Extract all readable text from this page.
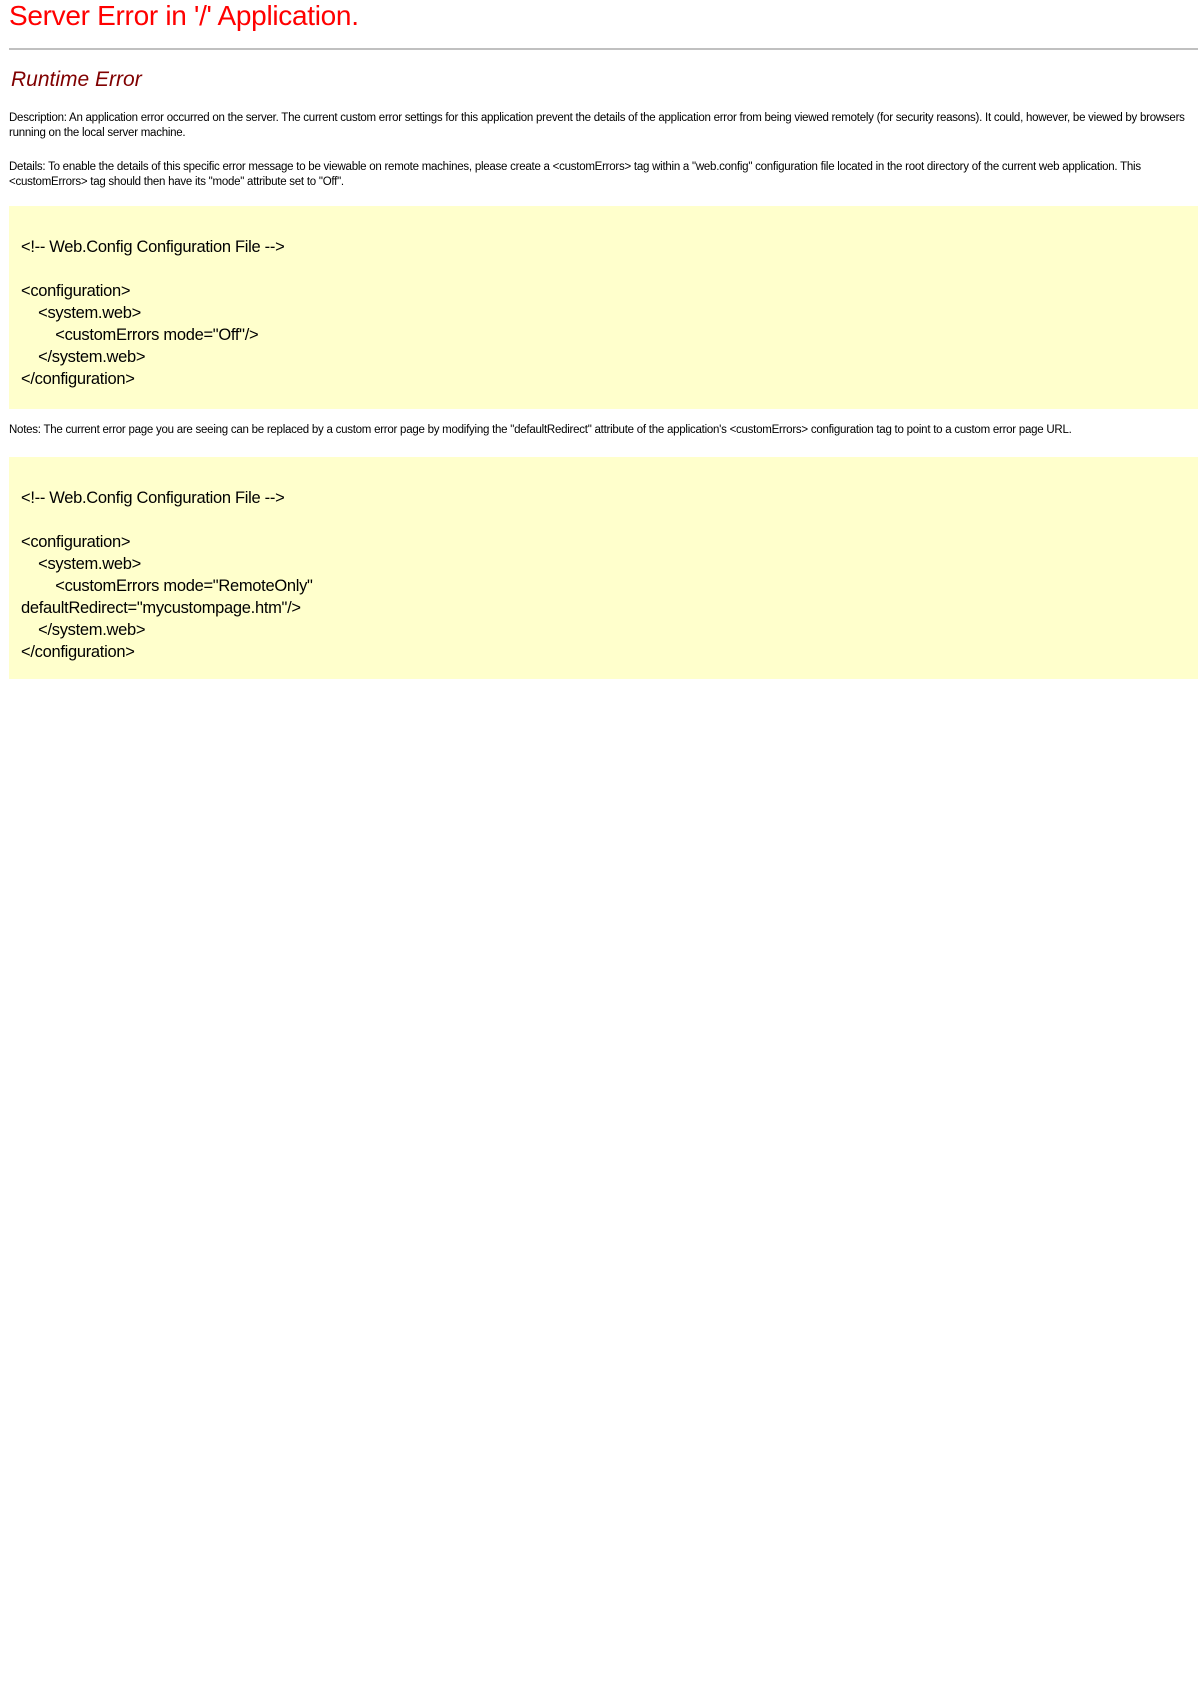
Server Error in '/' Application.
Runtime Error

Description: An application error occurred on the server. The current custom error settings for this application prevent the details of the application error from being viewed remotely (for security reasons). It could, however, be viewed by browsers running on the local server machine.

Details: To enable the details of this specific error message to be viewable on remote machines, please create a <customErrors> tag within a "web.config" configuration file located in the root directory of the current web application. This <customErrors> tag should then have its "mode" attribute set to "Off".

<!-- Web.Config Configuration File -->

<configuration>
<system.web>
<customErrors mode="Off"/>
</system.web>
</configuration>

Notes: The current error page you are seeing can be replaced by a custom error page by modifying the "defaultRedirect" attribute of the application's <customErrors> configuration tag to point to a custom error page URL.

<!-- Web.Config Configuration File -->

<configuration>
<system.web>
<customErrors mode="RemoteOnly"
defaultRedirect="mycustompage.htm"/>
</system.web>
</configuration>
